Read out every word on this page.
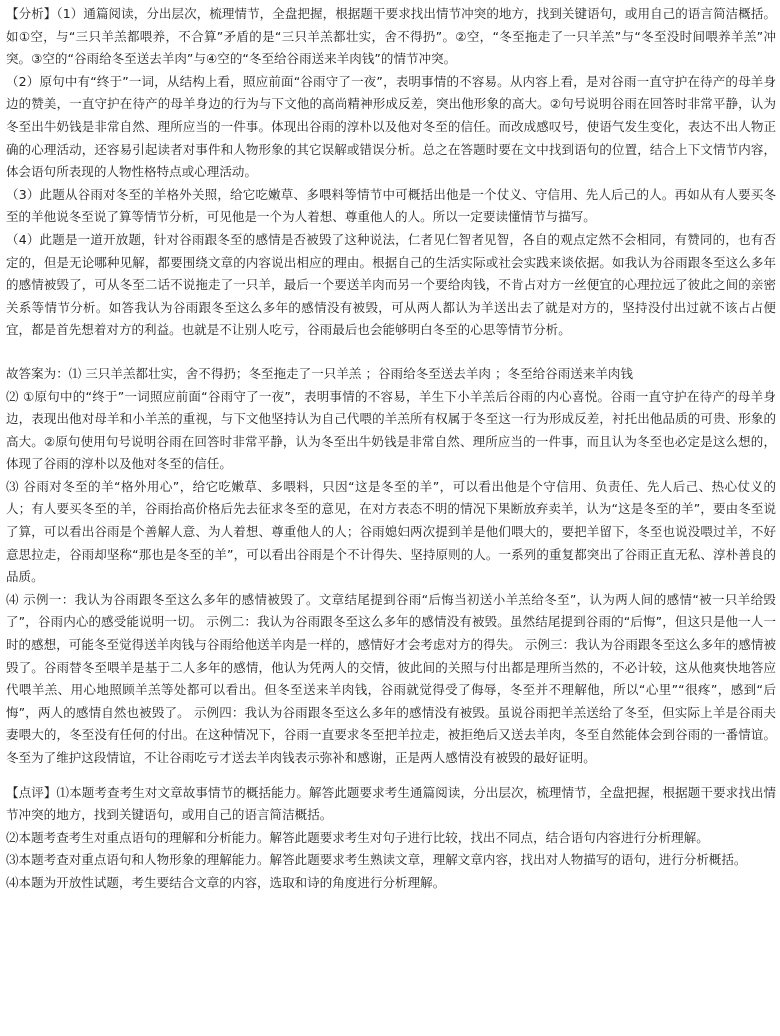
【分析】（1）通篇阅读，分出层次，梳理情节，全盘把握，根据题干要求找出情节冲突的地方，找到关键语句，或用自己的语言简洁概括。如①空，与“三只羊羔都喂养，不合算”矛盾的是“三只羊羔都壮实，舍不得扔”。②空，“冬至拖走了一只羊羔”与“冬至没时间喂养羊羔”冲突。③空的“谷雨给冬至送去羊肉”与④空的“冬至给谷雨送来羊肉钱”的情节冲突。

（2）原句中有“终于”一词，从结构上看，照应前面“谷雨守了一夜”，表明事情的不容易。从内容上看，是对谷雨一直守护在待产的母羊身边的赞美，一直守护在待产的母羊身边的行为与下文他的高尚精神形成反差，突出他形象的高大。②句号说明谷雨在回答时非常平静，认为冬至出牛奶钱是非常自然、理所应当的一件事。体现出谷雨的淳朴以及他对冬至的信任。而改成感叹号，使语气发生变化，表达不出人物正确的心理活动，还容易引起读者对事件和人物形象的其它误解或错误分析。总之在答题时要在文中找到语句的位置，结合上下文情节内容，体会语句所表现的人物性格特点或心理活动。

（3）此题从谷雨对冬至的羊格外关照，给它吃嫩草、多喂料等情节中可概括出他是一个仗义、守信用、先人后己的人。再如从有人要买冬至的羊他说冬至说了算等情节分析，可见他是一个为人着想、尊重他人的人。所以一定要读懂情节与描写。

（4）此题是一道开放题，针对谷雨跟冬至的感情是否被毁了这种说法，仁者见仁智者见智，各自的观点定然不会相同，有赞同的，也有否定的，但是无论哪种见解，都要围绕文章的内容说出相应的理由。根据自己的生活实际或社会实践来谈依据。如我认为谷雨跟冬至这么多年的感情被毁了，可从冬至二话不说拖走了一只羊，最后一个要送羊肉而另一个要给肉钱，不肯占对方一丝便宜的心理拉远了彼此之间的亲密关系等情节分析。如答我认为谷雨跟冬至这么多年的感情没有被毁，可从两人都认为羊送出去了就是对方的，坚持没付出过就不该占占便宜，都是首先想着对方的利益。也就是不让别人吃亏，谷雨最后也会能够明白冬至的心思等情节分析。

故答案为：⑴ 三只羊羔都壮实，舍不得扔；冬至拖走了一只羊羔 ；谷雨给冬至送去羊肉 ；冬至给谷雨送来羊肉钱

⑵ ①原句中的“终于”一词照应前面“谷雨守了一夜”，表明事情的不容易，羊生下小羊羔后谷雨的内心喜悦。谷雨一直守护在待产的母羊身边，表现出他对母羊和小羊羔的重视，与下文他坚持认为自己代喂的羊羔所有权属于冬至这一行为形成反差，衬托出他品质的可贵、形象的高大。②原句使用句号说明谷雨在回答时非常平静，认为冬至出牛奶钱是非常自然、理所应当的一件事，而且认为冬至也必定是这么想的，体现了谷雨的淳朴以及他对冬至的信任。

⑶ 谷雨对冬至的羊“格外用心”，给它吃嫩草、多喂料，只因“这是冬至的羊”，可以看出他是个守信用、负责任、先人后己、热心仗义的人；有人要买冬至的羊，谷雨抬高价格后先去征求冬至的意见，在对方表态不明的情况下果断放弃卖羊，认为“这是冬至的羊”，要由冬至说了算，可以看出谷雨是个善解人意、为人着想、尊重他人的人；谷雨媳妇两次提到羊是他们喂大的，要把羊留下，冬至也说没喂过羊，不好意思拉走，谷雨却坚称“那也是冬至的羊”，可以看出谷雨是个不计得失、坚持原则的人。一系列的重复都突出了谷雨正直无私、淳朴善良的品质。

⑷ 示例一：我认为谷雨跟冬至这么多年的感情被毁了。文章结尾提到谷雨“后悔当初送小羊羔给冬至”，认为两人间的感情“被一只羊给毁了”，谷雨内心的感受能说明一切。 示例二：我认为谷雨跟冬至这么多年的感情没有被毁。虽然结尾提到谷雨的“后悔”，但这只是他一人一时的感想，可能冬至觉得送羊肉钱与谷雨给他送羊肉是一样的，感情好才会考虑对方的得失。 示例三：我认为谷雨跟冬至这么多年的感情被毁了。谷雨替冬至喂羊是基于二人多年的感情，他认为凭两人的交情，彼此间的关照与付出都是理所当然的，不必计较，这从他爽快地答应代喂羊羔、用心地照顾羊羔等处都可以看出。但冬至送来羊肉钱，谷雨就觉得受了侮辱，冬至并不理解他，所以“心里”“很疼”，感到“后悔”，两人的感情自然也被毁了。 示例四：我认为谷雨跟冬至这么多年的感情没有被毁。虽说谷雨把羊羔送给了冬至，但实际上羊是谷雨夫妻喂大的，冬至没有任何的付出。在这种情况下，谷雨一直要求冬至把羊拉走，被拒绝后又送去羊肉，冬至自然能体会到谷雨的一番情谊。冬至为了维护这段情谊，不让谷雨吃亏才送去羊肉钱表示弥补和感谢，正是两人感情没有被毁的最好证明。

【点评】⑴本题考查考生对文章故事情节的概括能力。解答此题要求考生通篇阅读，分出层次，梳理情节，全盘把握，根据题干要求找出情节冲突的地方，找到关键语句，或用自己的语言简洁概括。

⑵本题考查考生对重点语句的理解和分析能力。解答此题要求考生对句子进行比较，找出不同点，结合语句内容进行分析理解。

⑶本题考查对重点语句和人物形象的理解能力。解答此题要求考生熟读文章，理解文章内容，找出对人物描写的语句，进行分析概括。

⑷本题为开放性试题，考生要结合文章的内容，选取和诗的角度进行分析理解。
